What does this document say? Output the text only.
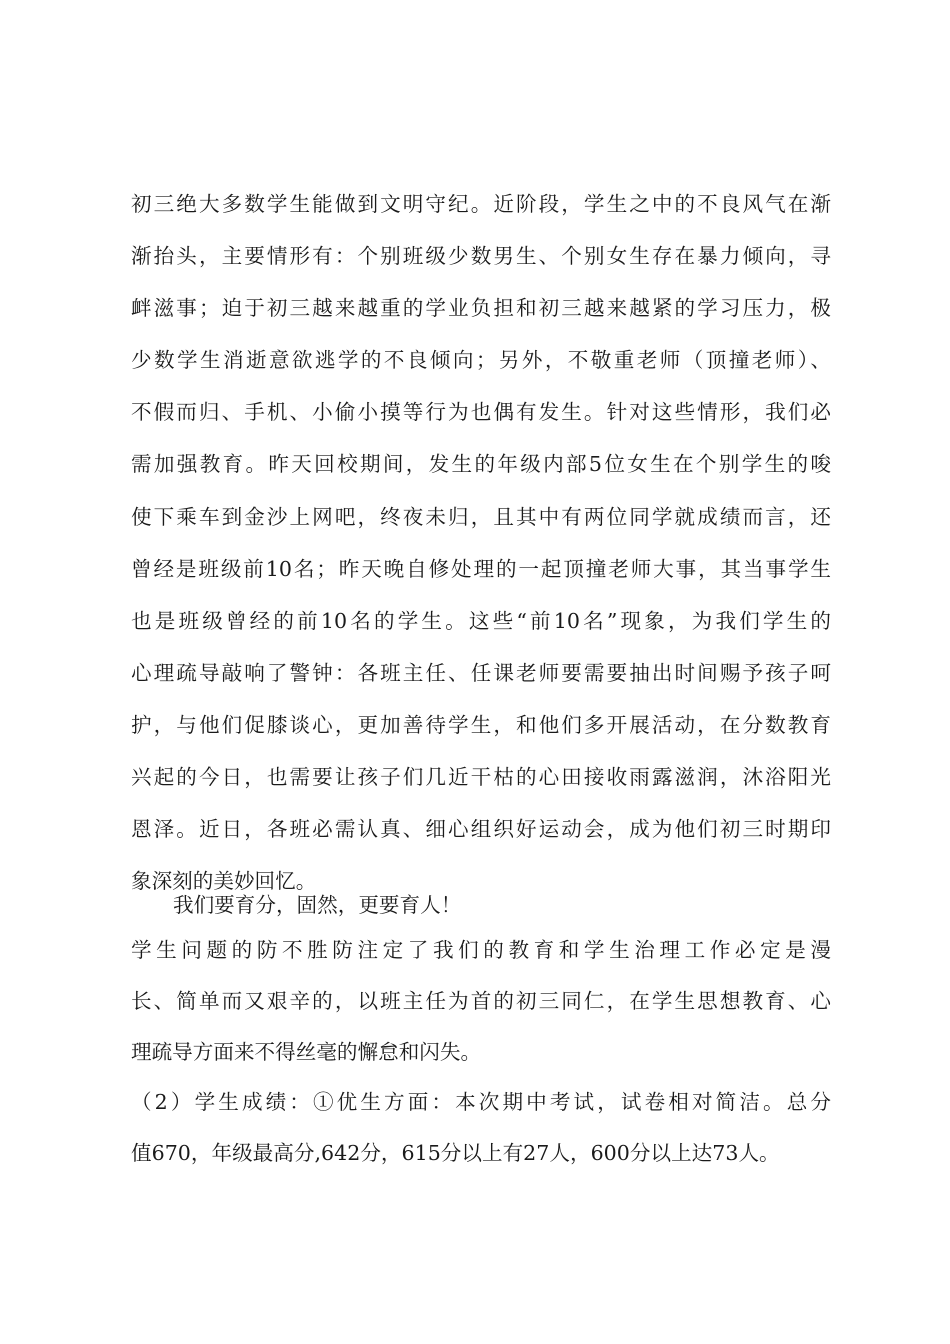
初三绝大多数学生能做到文明守纪。近阶段，学生之中的不良风气在渐
渐抬头，主要情形有：个别班级少数男生、个别女生存在暴力倾向，寻
衅滋事；迫于初三越来越重的学业负担和初三越来越紧的学习压力，极
少数学生消逝意欲逃学的不良倾向；另外，不敬重老师（顶撞老师）、
不假而归、手机、小偷小摸等行为也偶有发生。针对这些情形，我们必
需加强教育。昨天回校期间，发生的年级内部5位女生在个别学生的唆
使下乘车到金沙上网吧，终夜未归，且其中有两位同学就成绩而言，还
曾经是班级前10名；昨天晚自修处理的一起顶撞老师大事，其当事学生
也是班级曾经的前10名的学生。这些“前10名”现象，为我们学生的
心理疏导敲响了警钟：各班主任、任课老师要需要抽出时间赐予孩子呵
护，与他们促膝谈心，更加善待学生，和他们多开展活动，在分数教育
兴起的今日，也需要让孩子们几近干枯的心田接收雨露滋润，沐浴阳光
恩泽。近日，各班必需认真、细心组织好运动会，成为他们初三时期印
象深刻的美妙回忆。
我们要育分，固然，更要育人！
学生问题的防不胜防注定了我们的教育和学生治理工作必定是漫
长、简单而又艰辛的，以班主任为首的初三同仁，在学生思想教育、心
理疏导方面来不得丝毫的懈怠和闪失。
（2）学生成绩：①优生方面：本次期中考试，试卷相对简洁。总分
值670，年级最高分,642分，615分以上有27人，600分以上达73人。
